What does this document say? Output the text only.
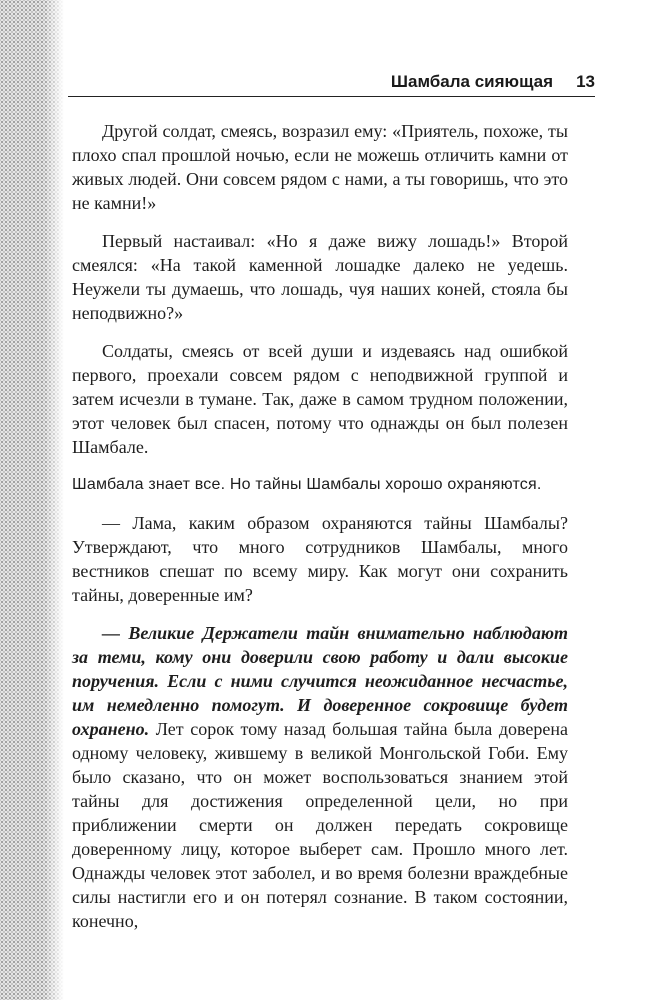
Шамбала сияющая 13

Другой солдат, смеясь, возразил ему: «Приятель, похоже, ты плохо спал прошлой ночью, если не можешь отличить камни от живых людей. Они совсем рядом с нами, а ты говоришь, что это не камни!»

Первый настаивал: «Но я даже вижу лошадь!» Второй смеялся: «На такой каменной лошадке далеко не уедешь. Неужели ты думаешь, что лошадь, чуя наших коней, стояла бы неподвижно?»

Солдаты, смеясь от всей души и издеваясь над ошибкой первого, проехали совсем рядом с неподвижной группой и затем исчезли в тумане. Так, даже в самом трудном положении, этот человек был спасен, потому что однажды он был полезен Шамбале.

Шамбала знает все. Но тайны Шамбалы хорошо охраняются.

— Лама, каким образом охраняются тайны Шамбалы? Утверждают, что много сотрудников Шамбалы, много вестников спешат по всему миру. Как могут они сохранить тайны, доверенные им?

— Великие Держатели тайн внимательно наблюдают за теми, кому они доверили свою работу и дали высокие поручения. Если с ними случится неожиданное несчастье, им немедленно помогут. И доверенное сокровище будет охранено. Лет сорок тому назад большая тайна была доверена одному человеку, жившему в великой Монгольской Гоби. Ему было сказано, что он может воспользоваться знанием этой тайны для достижения определенной цели, но при приближении смерти он должен передать сокровище доверенному лицу, которое выберет сам. Прошло много лет. Однажды человек этот заболел, и во время болезни враждебные силы настигли его и он потерял сознание. В таком состоянии, конечно,
